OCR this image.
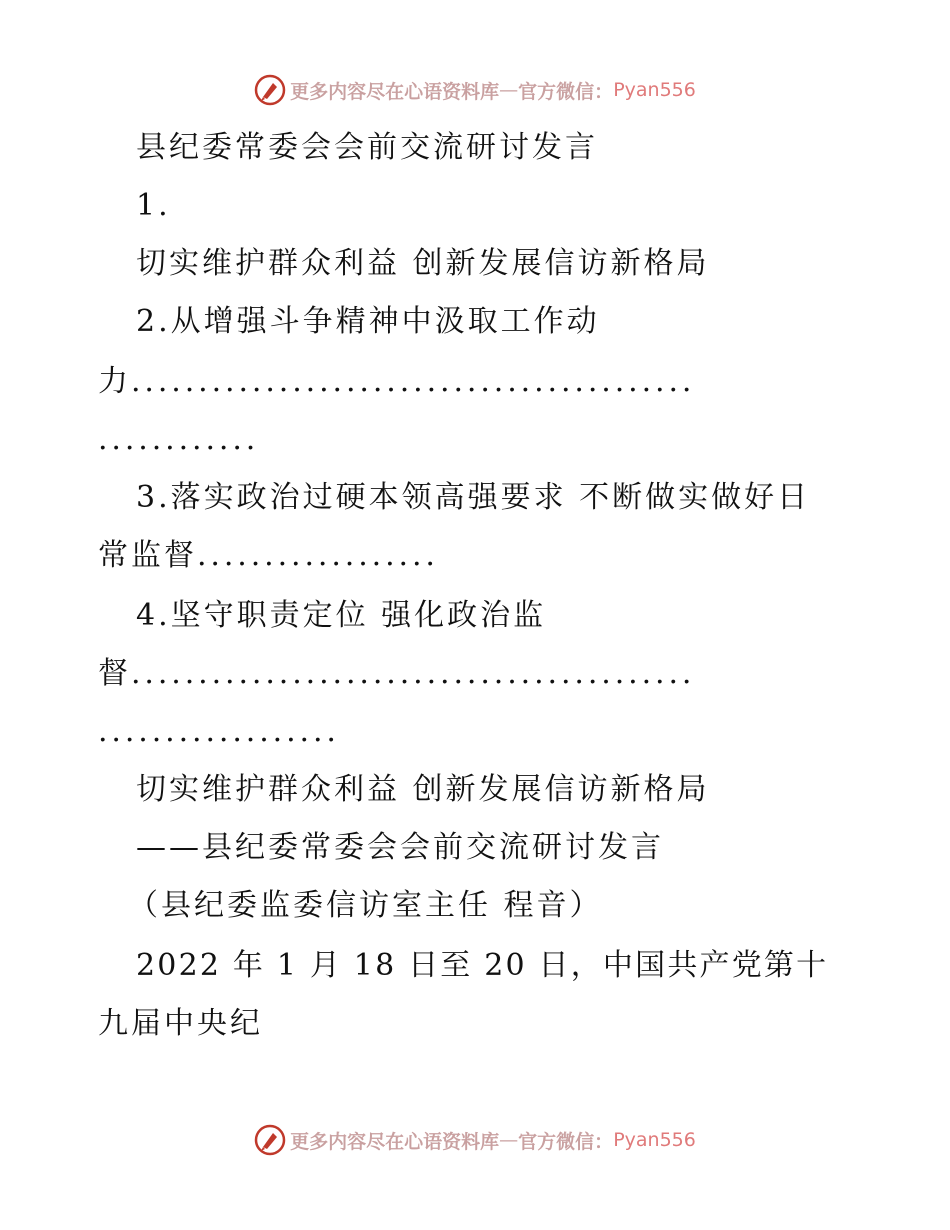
更多内容尽在心语资料库 — 官方微信： Pyan556
县纪委常委会会前交流研讨发言
1.
切实维护群众利益 创新发展信访新格局
2.从增强斗争精神中汲取工作动
力..........................................
............
3.落实政治过硬本领高强要求 不断做实做好日
常监督..................
4.坚守职责定位 强化政治监
督..........................................
..................
切实维护群众利益 创新发展信访新格局
——县纪委常委会会前交流研讨发言
（县纪委监委信访室主任 程音）
2022 年 1 月 18 日至 20 日，中国共产党第十
九届中央纪
更多内容尽在心语资料库 — 官方微信： Pyan556
